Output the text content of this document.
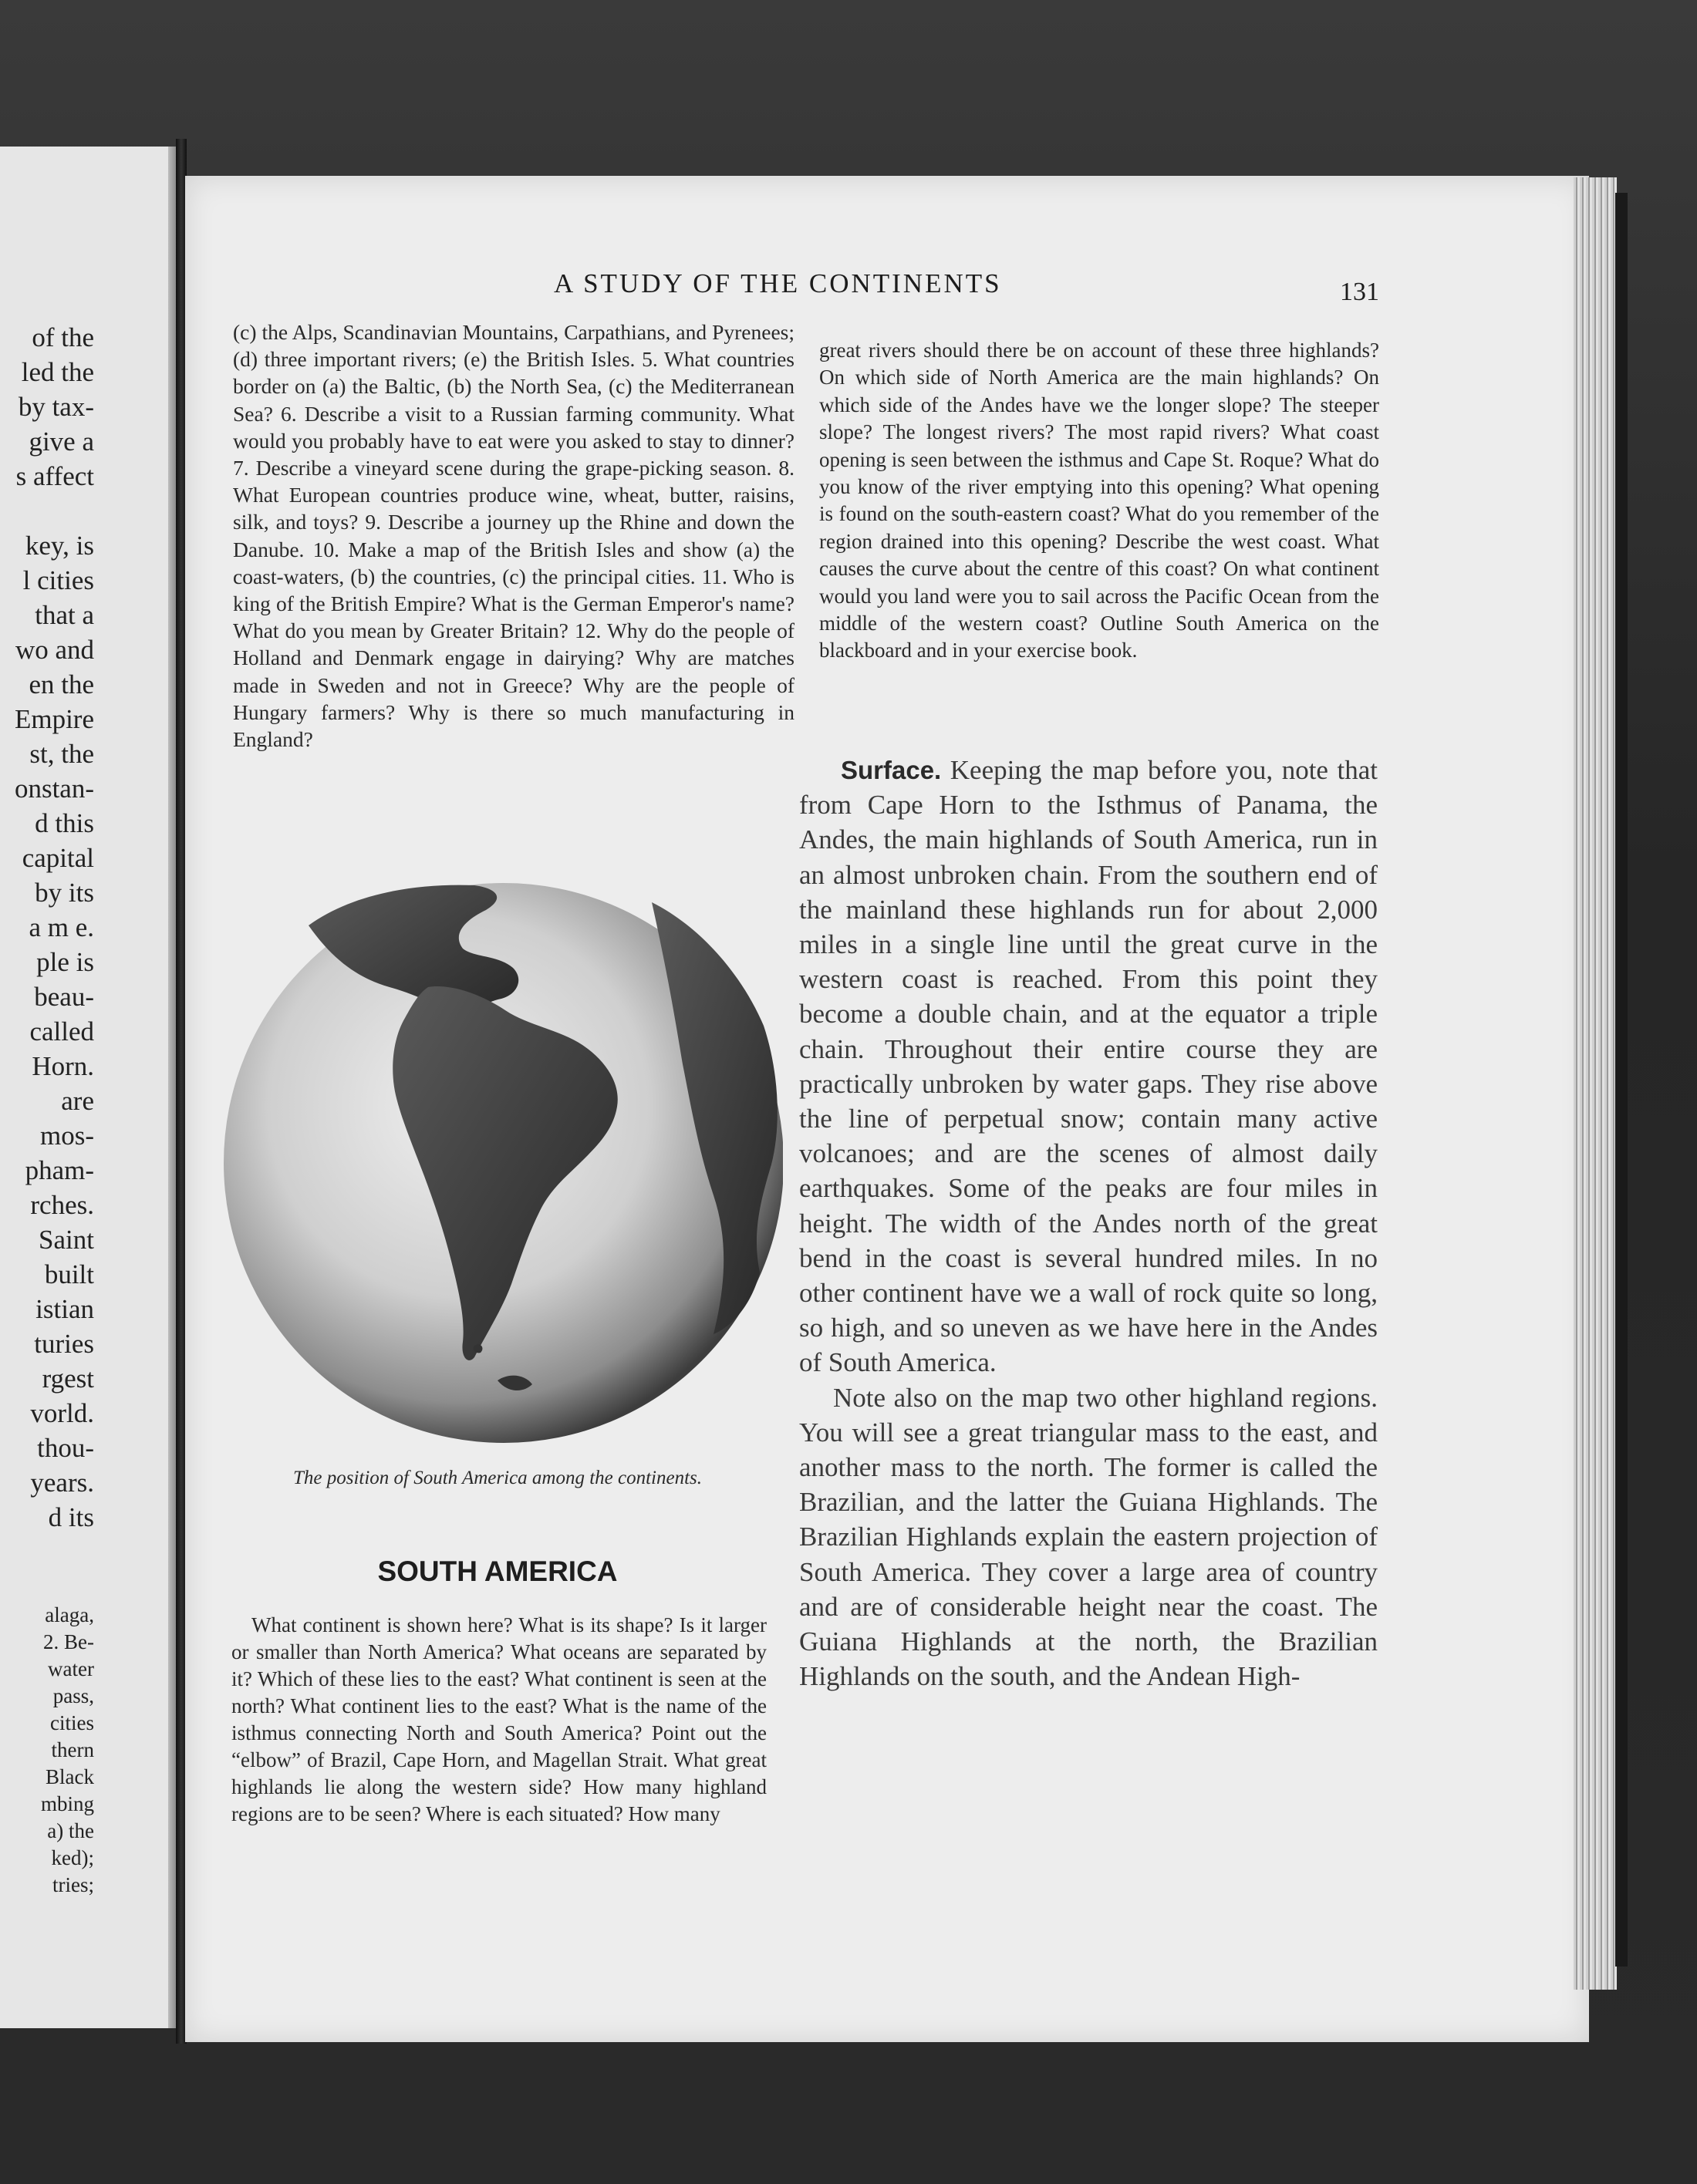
of the
led the
by tax-
give a
s affect
key, is
l cities
that a
wo and
en the
Empire
st, the
onstan-
d this
capital
by its
a m e.
ple is
beau-
called
Horn.
are
mos-
pham-
rches.
Saint
built
istian
turies
rgest
vorld.
thou-
years.
d its
alaga,
2. Be-
water
pass,
cities
thern
Black
mbing
a) the
ked);
tries;
A STUDY OF THE CONTINENTS	131

(c) the Alps, Scandinavian Mountains, Carpathians, and Pyrenees; (d) three important rivers; (e) the British Isles. 5. What countries border on (a) the Baltic, (b) the North Sea, (c) the Mediterranean Sea? 6. Describe a visit to a Russian farming community. What would you probably have to eat were you asked to stay to dinner? 7. Describe a vineyard scene during the grape-picking season. 8. What European countries produce wine, wheat, butter, raisins, silk, and toys? 9. Describe a journey up the Rhine and down the Danube. 10. Make a map of the British Isles and show (a) the coast-waters, (b) the countries, (c) the principal cities. 11. Who is king of the British Empire? What is the German Emperor's name? What do you mean by Greater Britain? 12. Why do the people of Holland and Denmark engage in dairying? Why are matches made in Sweden and not in Greece? Why are the people of Hungary farmers? Why is there so much manufacturing in England?

The position of South America among the continents.
SOUTH AMERICA

What continent is shown here? What is its shape? Is it larger or smaller than North America? What oceans are separated by it? Which of these lies to the east? What continent is seen at the north? What continent lies to the east? What is the name of the isthmus connecting North and South America? Point out the “elbow” of Brazil, Cape Horn, and Magellan Strait. What great highlands lie along the western side? How many highland regions are to be seen? Where is each situated? How many

great rivers should there be on account of these three highlands? On which side of North America are the main highlands? On which side of the Andes have we the longer slope? The steeper slope? The longest rivers? The most rapid rivers? What coast opening is seen between the isthmus and Cape St. Roque? What do you know of the river emptying into this opening? What opening is found on the south-eastern coast? What do you remember of the region drained into this opening? Describe the west coast. What causes the curve about the centre of this coast? On what continent would you land were you to sail across the Pacific Ocean from the middle of the western coast? Outline South America on the blackboard and in your exercise book.

Surface. Keeping the map before you, note that from Cape Horn to the Isthmus of Panama, the Andes, the main highlands of South America, run in an almost unbroken chain. From the southern end of the mainland these highlands run for about 2,000 miles in a single line until the great curve in the western coast is reached. From this point they become a double chain, and at the equator a triple chain. Throughout their entire course they are practically unbroken by water gaps. They rise above the line of perpetual snow; contain many active volcanoes; and are the scenes of almost daily earthquakes. Some of the peaks are four miles in height. The width of the Andes north of the great bend in the coast is several hundred miles. In no other continent have we a wall of rock quite so long, so high, and so uneven as we have here in the Andes of South America.

Note also on the map two other highland regions. You will see a great triangular mass to the east, and another mass to the north. The former is called the Brazilian, and the latter the Guiana Highlands. The Brazilian Highlands explain the eastern projection of South America. They cover a large area of country and are of considerable height near the coast. The Guiana Highlands at the north, the Brazilian Highlands on the south, and the Andean High-
